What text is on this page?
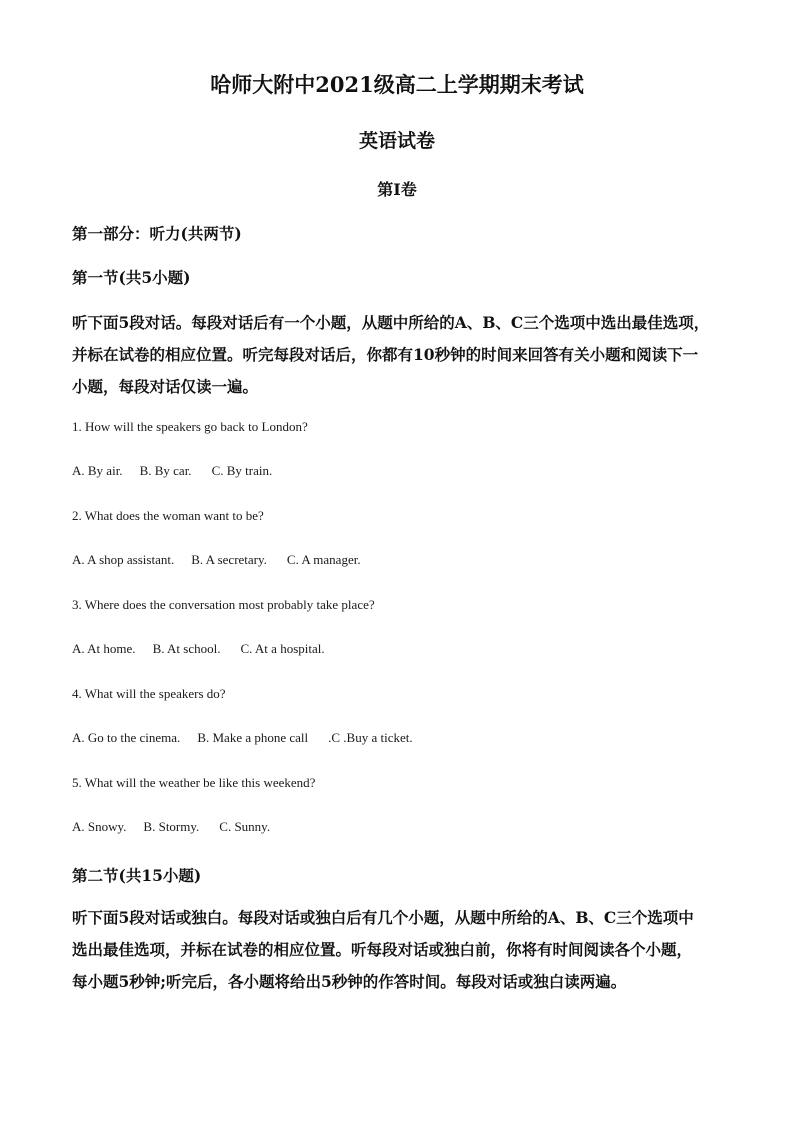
哈师大附中2021级高二上学期期末考试
英语试卷
第I卷
第一部分：听力(共两节)
第一节(共5小题)
听下面5段对话。每段对话后有一个小题，从题中所给的A、B、C三个选项中选出最佳选项，
并标在试卷的相应位置。听完每段对话后，你都有10秒钟的时间来回答有关小题和阅读下一
小题，每段对话仅读一遍。
1. How will the speakers go back to London?
A. By air. B. By car. C. By train.
2. What does the woman want to be?
A. A shop assistant. B. A secretary. C. A manager.
3. Where does the conversation most probably take place?
A. At home. B. At school. C. At a hospital.
4. What will the speakers do?
A. Go to the cinema. B. Make a phone call .C .Buy a ticket.
5. What will the weather be like this weekend?
A. Snowy. B. Stormy. C. Sunny.
第二节(共15小题)
听下面5段对话或独白。每段对话或独白后有几个小题，从题中所给的A、B、C三个选项中
选出最佳选项，并标在试卷的相应位置。听每段对话或独白前，你将有时间阅读各个小题，
每小题5秒钟;听完后，各小题将给出5秒钟的作答时间。每段对话或独白读两遍。
